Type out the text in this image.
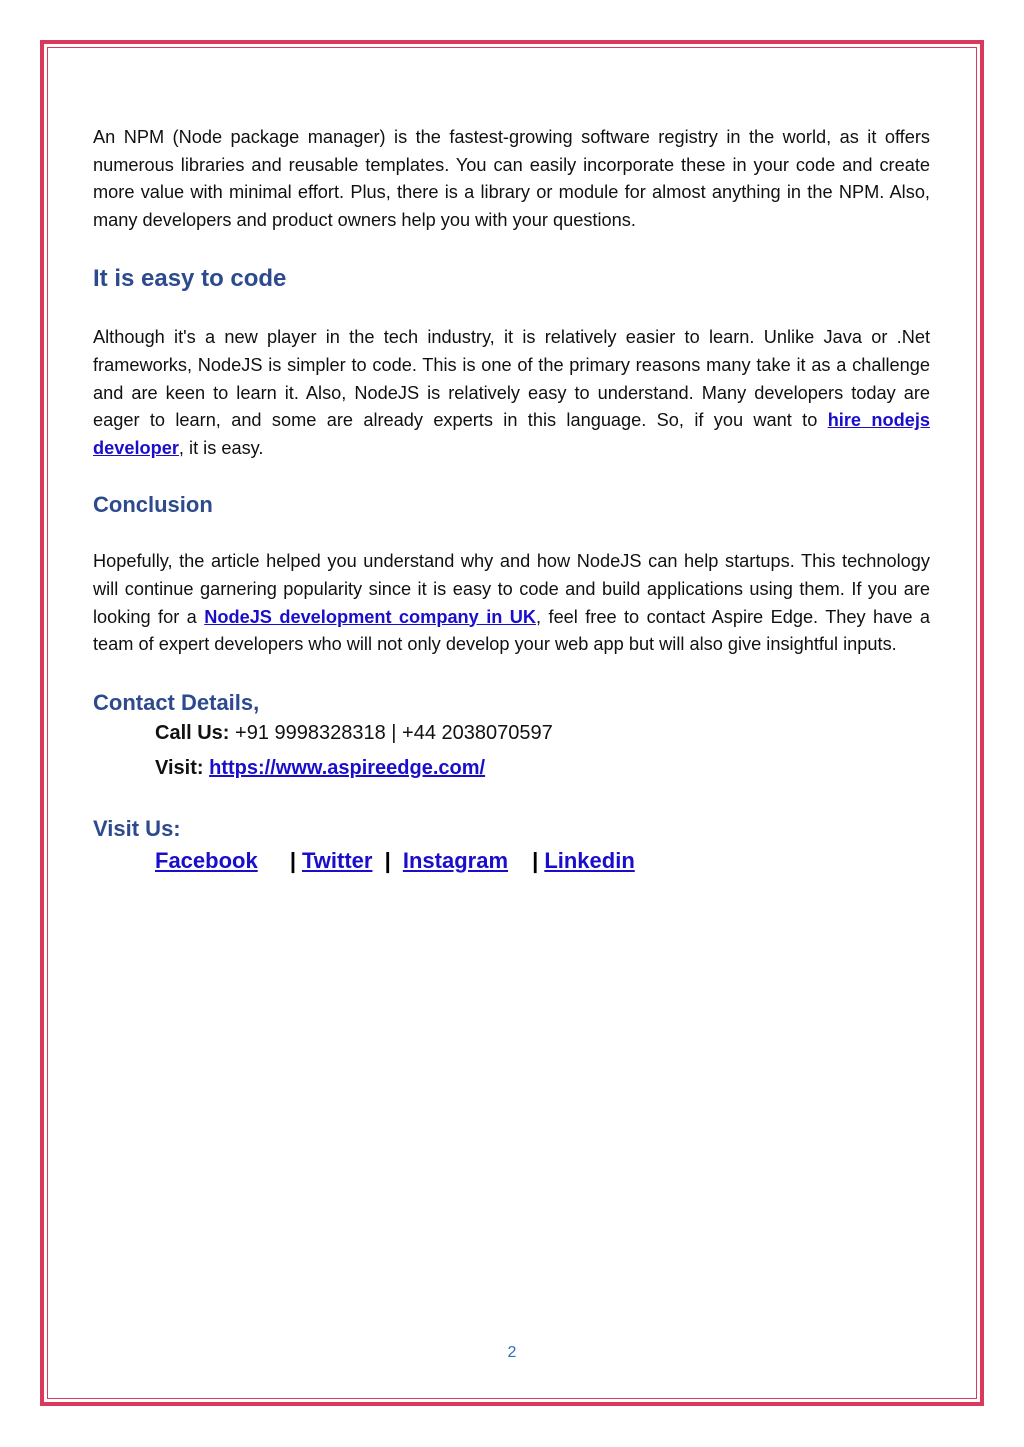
An NPM (Node package manager) is the fastest-growing software registry in the world, as it offers numerous libraries and reusable templates. You can easily incorporate these in your code and create more value with minimal effort. Plus, there is a library or module for almost anything in the NPM. Also, many developers and product owners help you with your questions.

It is easy to code

Although it's a new player in the tech industry, it is relatively easier to learn. Unlike Java or .Net frameworks, NodeJS is simpler to code. This is one of the primary reasons many take it as a challenge and are keen to learn it. Also, NodeJS is relatively easy to understand. Many developers today are eager to learn, and some are already experts in this language. So, if you want to hire nodejs developer, it is easy.

Conclusion

Hopefully, the article helped you understand why and how NodeJS can help startups. This technology will continue garnering popularity since it is easy to code and build applications using them. If you are looking for a NodeJS development company in UK, feel free to contact Aspire Edge. They have a team of expert developers who will not only develop your web app but will also give insightful inputs.

Contact Details,

Call Us: +91 9998328318 | +44 2038070597

Visit: https://www.aspireedge.com/

Visit Us:
Facebook | Twitter | Instagram | Linkedin
2
